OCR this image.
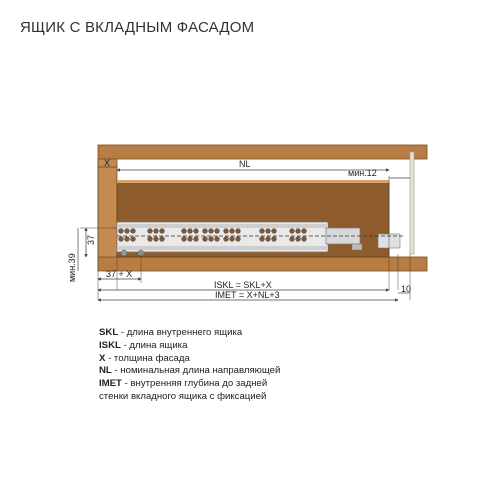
ЯЩИК С ВКЛАДНЫМ ФАСАДОМ
X	NL
мин.12
37
мин.39	37 + X
ISKL = SKL+X
IMET = X+NL+3
10
SKL - длина внутреннего ящика
ISKL - длина ящика
X - толщина фасада
NL - номинальная длина направляющей
IMET - внутренняя глубина до задней
стенки вкладного ящика с фиксацией
